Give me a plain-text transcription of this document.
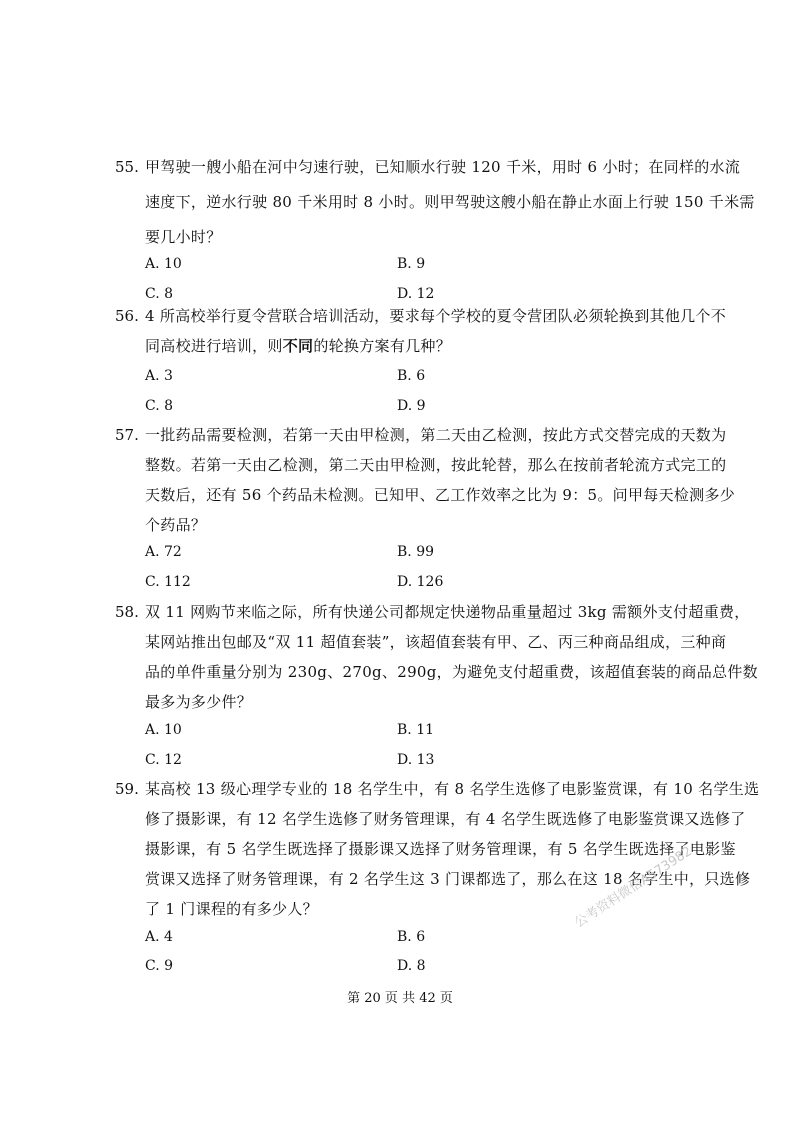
55. 甲驾驶一艘小船在河中匀速行驶，已知顺水行驶 120 千米，用时 6 小时；在同样的水流
速度下，逆水行驶 80 千米用时 8 小时。则甲驾驶这艘小船在静止水面上行驶 150 千米需
要几小时？
A. 10	B. 9
C. 8	D. 12
56. 4 所高校举行夏令营联合培训活动，要求每个学校的夏令营团队必须轮换到其他几个不
同高校进行培训，则不同的轮换方案有几种？
A. 3	B. 6
C. 8	D. 9
57. 一批药品需要检测，若第一天由甲检测，第二天由乙检测，按此方式交替完成的天数为
整数。若第一天由乙检测，第二天由甲检测，按此轮替，那么在按前者轮流方式完工的
天数后，还有 56 个药品未检测。已知甲、乙工作效率之比为 9：5。问甲每天检测多少
个药品？
A. 72	B. 99
C. 112	D. 126
58. 双 11 网购节来临之际，所有快递公司都规定快递物品重量超过 3kg 需额外支付超重费，
某网站推出包邮及“双 11 超值套装”，该超值套装有甲、乙、丙三种商品组成，三种商
品的单件重量分别为 230g、270g、290g，为避免支付超重费，该超值套装的商品总件数
最多为多少件？
A. 10	B. 11
C. 12	D. 13
59. 某高校 13 级心理学专业的 18 名学生中，有 8 名学生选修了电影鉴赏课，有 10 名学生选
修了摄影课，有 12 名学生选修了财务管理课，有 4 名学生既选修了电影鉴赏课又选修了
摄影课，有 5 名学生既选择了摄影课又选择了财务管理课，有 5 名学生既选择了电影鉴
赏课又选择了财务管理课，有 2 名学生这 3 门课都选了，那么在这 18 名学生中，只选修
了 1 门课程的有多少人？
A. 4	B. 6
C. 9	D. 8
公考资料微信A573982
第 20 页 共 42 页
